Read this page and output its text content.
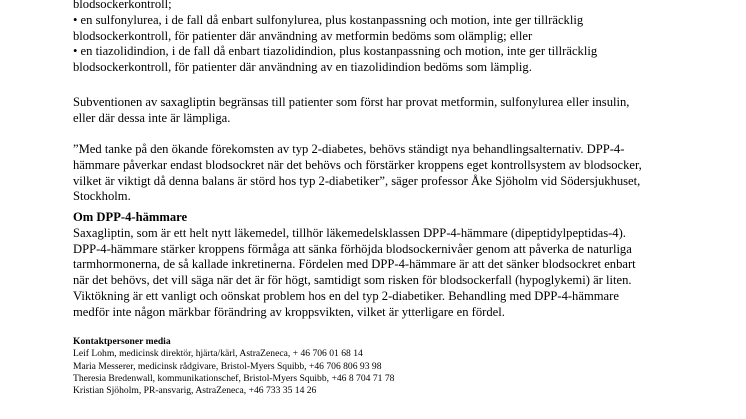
blodsockerkontroll;
• en sulfonylurea, i de fall då enbart sulfonylurea, plus kostanpassning och motion, inte ger tillräcklig
blodsockerkontroll, för patienter där användning av metformin bedöms som olämplig; eller
• en tiazolidindion, i de fall då enbart tiazolidindion, plus kostanpassning och motion, inte ger tillräcklig
blodsockerkontroll, för patienter där användning av en tiazolidindion bedöms som lämplig.
Subventionen av saxagliptin begränsas till patienter som först har provat metformin, sulfonylurea eller insulin,
eller där dessa inte är lämpliga.
”Med tanke på den ökande förekomsten av typ 2-diabetes, behövs ständigt nya behandlingsalternativ. DPP-4-
hämmare påverkar endast blodsockret när det behövs och förstärker kroppens eget kontrollsystem av blodsocker,
vilket är viktigt då denna balans är störd hos typ 2-diabetiker”, säger professor Åke Sjöholm vid Södersjukhuset,
Stockholm.
Om DPP-4-hämmare
Saxagliptin, som är ett helt nytt läkemedel, tillhör läkemedelsklassen DPP-4-hämmare (dipeptidylpeptidas-4).
DPP-4-hämmare stärker kroppens förmåga att sänka förhöjda blodsockernivåer genom att påverka de naturliga
tarmhormonerna, de så kallade inkretinerna. Fördelen med DPP-4-hämmare är att det sänker blodsockret enbart
när det behövs, det vill säga när det är för högt, samtidigt som risken för blodsockerfall (hypoglykemi) är liten.
Viktökning är ett vanligt och oönskat problem hos en del typ 2-diabetiker. Behandling med DPP-4-hämmare
medför inte någon märkbar förändring av kroppsvikten, vilket är ytterligare en fördel.
Kontaktpersoner media
Leif Lohm, medicinsk direktör, hjärta/kärl, AstraZeneca, + 46 706 01 68 14
Maria Messerer, medicinsk rådgivare, Bristol-Myers Squibb, +46 706 806 93 98
Theresia Bredenwall, kommunikationschef, Bristol-Myers Squibb, +46 8 704 71 78
Kristian Sjöholm, PR-ansvarig, AstraZeneca, +46 733 35 14 26
